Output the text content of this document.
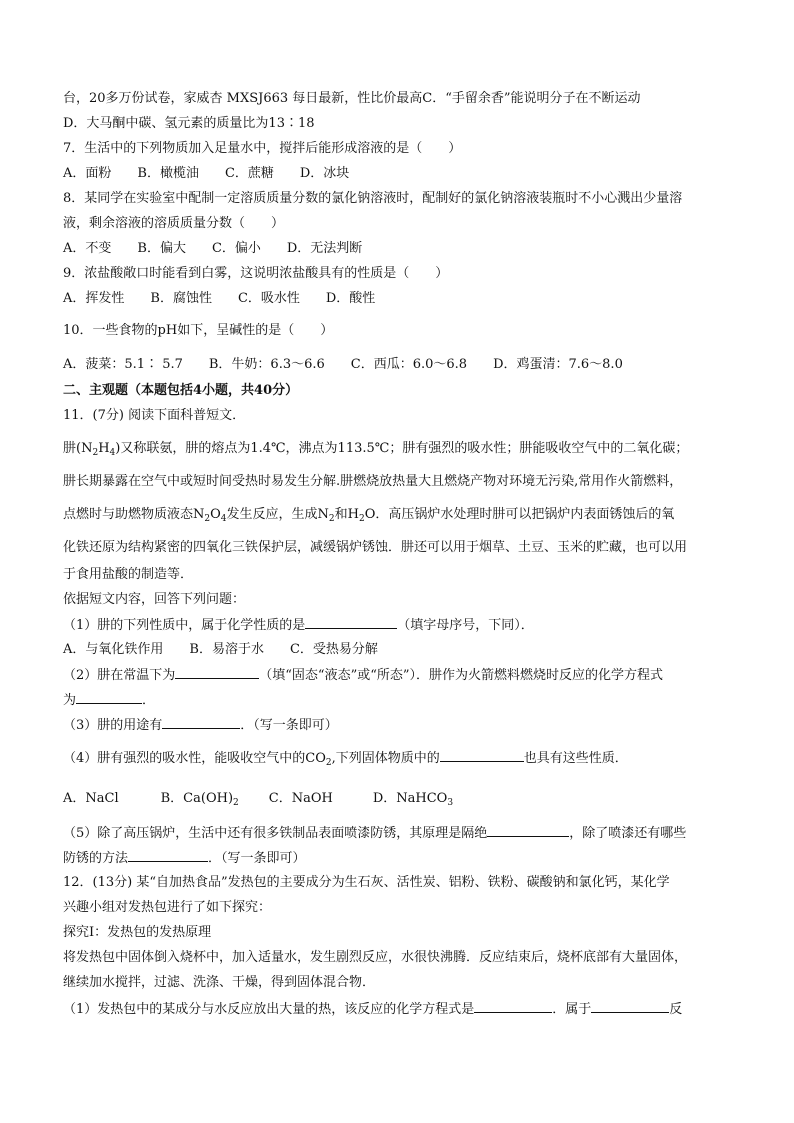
台，20多万份试卷，家威杏 MXSJ663 每日最新，性比价最高C．“手留余香”能说明分子在不断运动
D．大马酮中碳、氢元素的质量比为13∶18
7．生活中的下列物质加入足量水中，搅拌后能形成溶液的是（　　）
A．面粉　　B．橄榄油　　C．蔗糖　　D．冰块
8．某同学在实验室中配制一定溶质质量分数的氯化钠溶液时，配制好的氯化钠溶液装瓶时不小心溅出少量溶
液，剩余溶液的溶质质量分数（　　）
A．不变　　B．偏大　　C．偏小　　D．无法判断
9．浓盐酸敞口时能看到白雾，这说明浓盐酸具有的性质是（　　）
A．挥发性　　B．腐蚀性　　C．吸水性　　D．酸性
10．一些食物的pH如下，呈碱性的是（　　）
A．菠菜：5.1∶ 5.7　　B．牛奶：6.3～6.6　　C．西瓜：6.0～6.8　　D．鸡蛋清：7.6～8.0
二、主观题（本题包括4小题，共40分）
11．(7分) 阅读下面科普短文．
肼$(N_2H_4)$又称联氨，肼的熔点为1.4℃，沸点为113.5℃；肼有强烈的吸水性；肼能吸收空气中的二氧化碳；
肼长期暴露在空气中或短时间受热时易发生分解.肼燃烧放热量大且燃烧产物对环境无污染,常用作火箭燃料，
点燃时与助燃物质液态$N_2O_4$发生反应，生成$N_2$和$H_2O$．高压锅炉水处理时肼可以把锅炉内表面锈蚀后的氧
化铁还原为结构紧密的四氧化三铁保护层，减缓锅炉锈蚀．肼还可以用于烟草、土豆、玉米的贮藏，也可以用
于食用盐酸的制造等．
依据短文内容，回答下列问题：
（1）肼的下列性质中，属于化学性质的是	（填字母序号，下同）．
A．与氧化铁作用　　B．易溶于水　　C．受热易分解
（2）肼在常温下为	（填“固态“液态”或“所态”）．肼作为火箭燃料燃烧时反应的化学方程式
为	．
（3）肼的用途有	．（写一条即可）
（4）肼有强烈的吸水性，能吸收空气中的$CO_2$,下列固体物质中的	也具有这些性质．
A．NaCl	B．$Ca(OH)_2$ C．NaOH	D．NaHCO$_3$
（5）除了高压锅炉，生活中还有很多铁制品表面喷漆防锈，其原理是隔绝	，除了喷漆还有哪些
防锈的方法	．（写一条即可）
12．(13分) 某“自加热食品”发热包的主要成分为生石灰、活性炭、铝粉、铁粉、碳酸钠和氯化钙，某化学
兴趣小组对发热包进行了如下探究：
探究Ⅰ：发热包的发热原理
将发热包中固体倒入烧杯中，加入适量水，发生剧烈反应，水很快沸腾．反应结束后，烧杯底部有大量固体，
继续加水搅拌，过滤、洗涤、干燥，得到固体混合物．
（1）发热包中的某成分与水反应放出大量的热，该反应的化学方程式是	．属于	反
